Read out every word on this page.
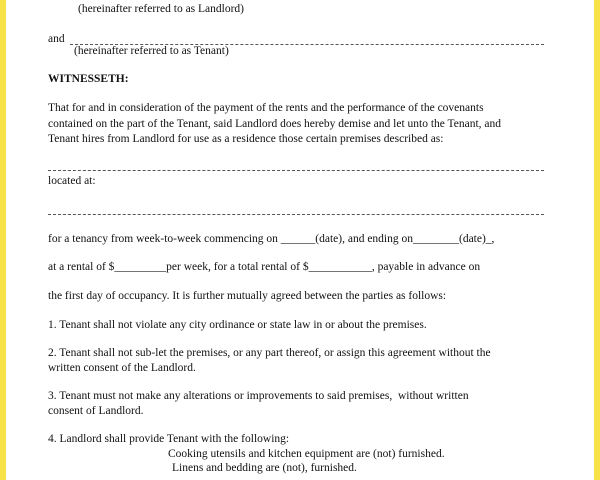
(hereinafter referred to as Landlord)

and

(hereinafter referred to as Tenant)

WITNESSETH:

That for and in consideration of the payment of the rents and the performance of the covenants

contained on the part of the Tenant, said Landlord does hereby demise and let unto the Tenant, and

Tenant hires from Landlord for use as a residence those certain premises described as:

located at:

for a tenancy from week-to-week commencing on ______(date), and ending on________(date)_,

at a rental of $_________per week, for a total rental of $___________, payable in advance on

the first day of occupancy. It is further mutually agreed between the parties as follows:

1. Tenant shall not violate any city ordinance or state law in or about the premises.

2. Tenant shall not sub-let the premises, or any part thereof, or assign this agreement without the

written consent of the Landlord.

3. Tenant must not make any alterations or improvements to said premises,  without written

consent of Landlord.

4. Landlord shall provide Tenant with the following:

Cooking utensils and kitchen equipment are (not) furnished.

Linens and bedding are (not), furnished.
